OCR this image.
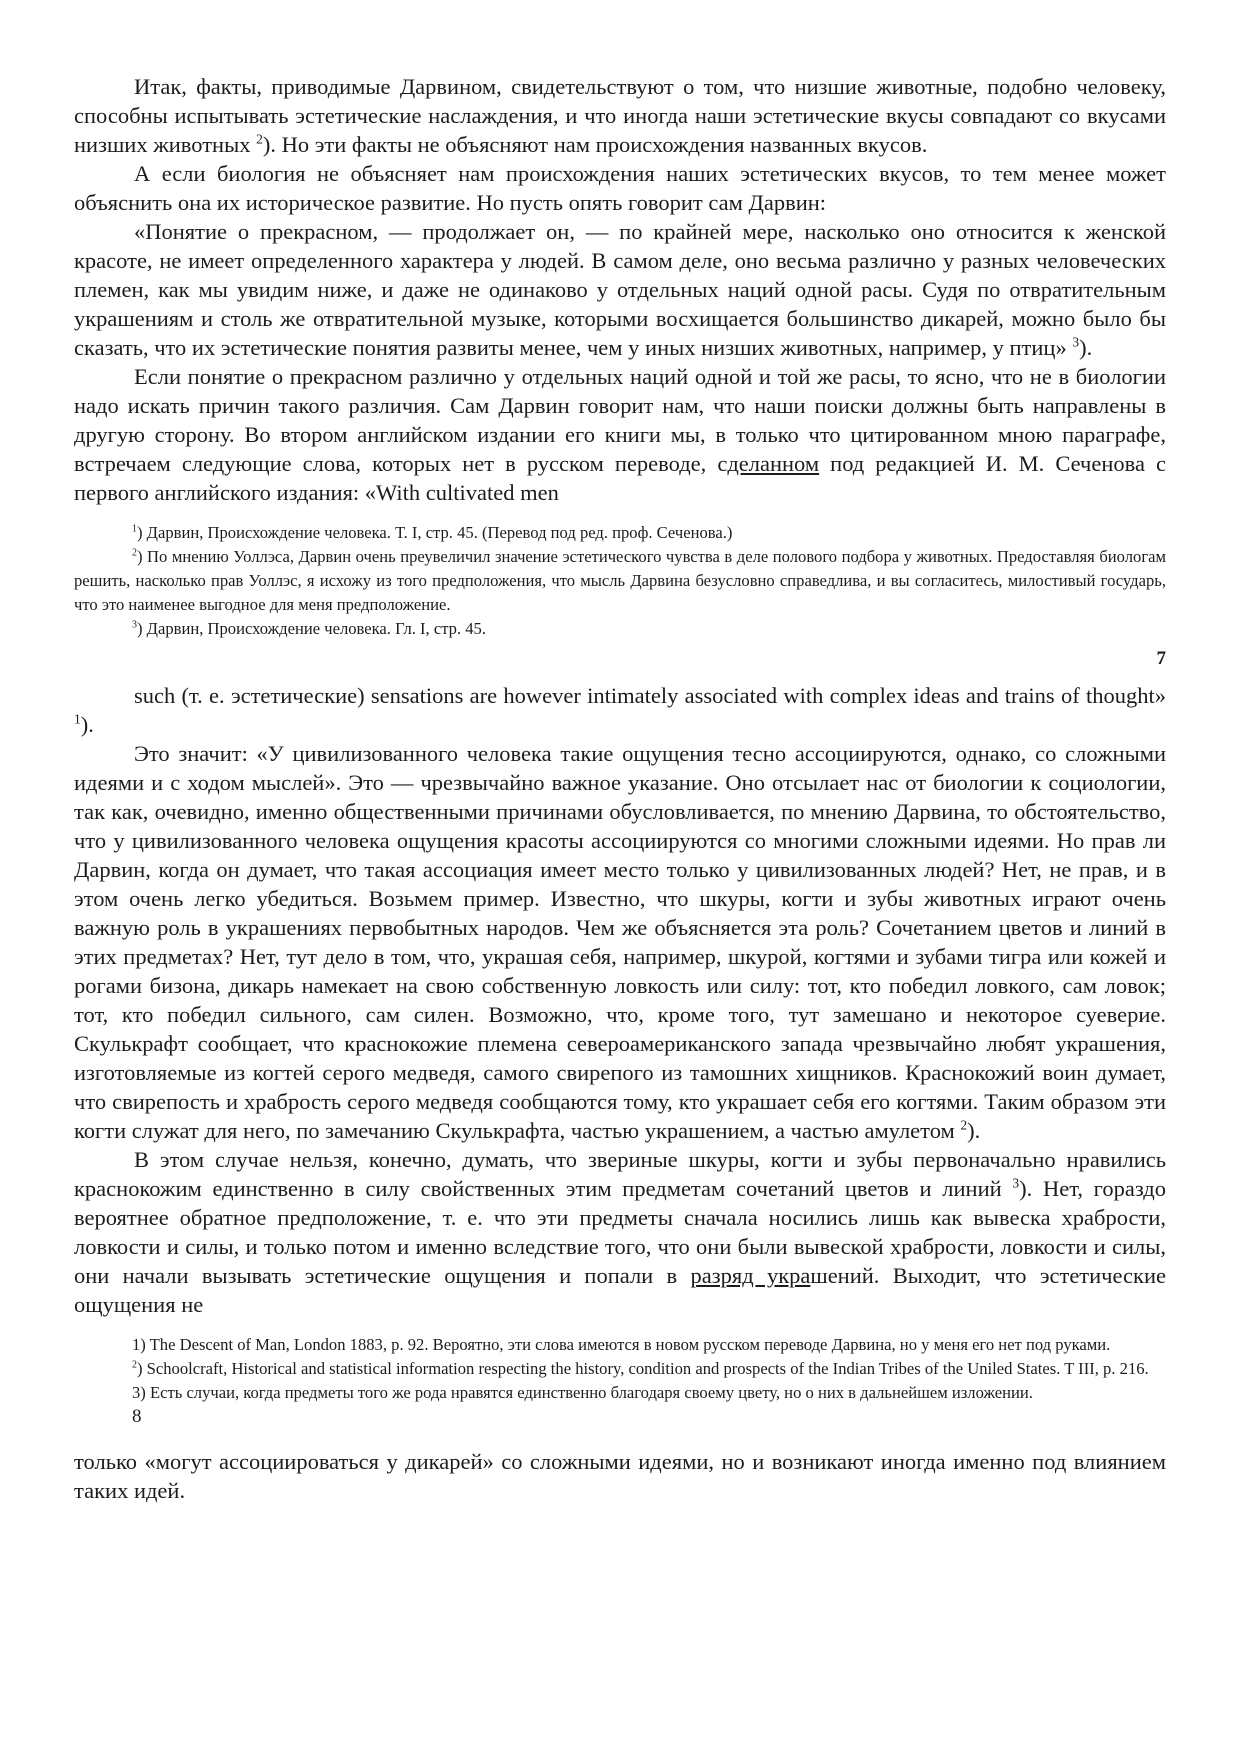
Итак, факты, приводимые Дарвином, свидетельствуют о том, что низшие животные, подобно человеку, способны испытывать эстетические наслаждения, и что иногда наши эстетические вкусы совпадают со вкусами низших животных $^2$). Но эти факты не объясняют нам происхождения названных вкусов.

А если биология не объясняет нам происхождения наших эстетических вкусов, то тем менее может объяснить она их историческое развитие. Но пусть опять говорит сам Дарвин:

«Понятие о прекрасном, — продолжает он, — по крайней мере, насколько оно относится к женской красоте, не имеет определенного характера у людей. В самом деле, оно весьма различно у разных человеческих племен, как мы увидим ниже, и даже не одинаково у отдельных наций одной расы. Судя по отвратительным украшениям и столь же отвратительной музыке, которыми восхищается большинство дикарей, можно было бы сказать, что их эстетические понятия развиты менее, чем у иных низших животных, например, у птиц» $^3$).

Если понятие о прекрасном различно у отдельных наций одной и той же расы, то ясно, что не в биологии надо искать причин такого различия. Сам Дарвин говорит нам, что наши поиски должны быть направлены в другую сторону. Во втором английском издании его книги мы, в только что цитированном мною параграфе, встречаем следующие слова, которых нет в русском переводе, сделанном под редакцией И. М. Сеченова с первого английского издания: «With cultivated men

$^1$) Дарвин, Происхождение человека. Т. I, стр. 45. (Перевод под ред. проф. Сеченова.)

$^2$) По мнению Уоллэса, Дарвин очень преувеличил значение эстетического чувства в деле полового подбора у животных. Предоставляя биологам решить, насколько прав Уоллэс, я исхожу из того предположения, что мысль Дарвина безусловно справедлива, и вы согласитесь, милостивый государь, что это наименее выгодное для меня предположение.

$^3$) Дарвин, Происхождение человека. Гл. I, стр. 45.

7

such (т. е. эстетические) sensations are however intimately associated with complex ideas and trains of thought» $^1$).

Это значит: «У цивилизованного человека такие ощущения тесно ассоциируются, однако, со сложными идеями и с ходом мыслей». Это — чрезвычайно важное указание. Оно отсылает нас от биологии к социологии, так как, очевидно, именно общественными причинами обусловливается, по мнению Дарвина, то обстоятельство, что у цивилизованного человека ощущения красоты ассоциируются со многими сложными идеями. Но прав ли Дарвин, когда он думает, что такая ассоциация имеет место только у цивилизованных людей? Нет, не прав, и в этом очень легко убедиться. Возьмем пример. Известно, что шкуры, когти и зубы животных играют очень важную роль в украшениях первобытных народов. Чем же объясняется эта роль? Сочетанием цветов и линий в этих предметах? Нет, тут дело в том, что, украшая себя, например, шкурой, когтями и зубами тигра или кожей и рогами бизона, дикарь намекает на свою собственную ловкость или силу: тот, кто победил ловкого, сам ловок; тот, кто победил сильного, сам силен. Возможно, что, кроме того, тут замешано и некоторое суеверие. Скулькрафт сообщает, что краснокожие племена североамериканского запада чрезвычайно любят украшения, изготовляемые из когтей серого медведя, самого свирепого из тамошних хищников. Краснокожий воин думает, что свирепость и храбрость серого медведя сообщаются тому, кто украшает себя его когтями. Таким образом эти когти служат для него, по замечанию Скулькрафта, частью украшением, а частью амулетом $^2$).

В этом случае нельзя, конечно, думать, что звериные шкуры, когти и зубы первоначально нравились краснокожим единственно в силу свойственных этим предметам сочетаний цветов и линий $^3$). Нет, гораздо вероятнее обратное предположение, т. е. что эти предметы сначала носились лишь как вывеска храбрости, ловкости и силы, и только потом и именно вследствие того, что они были вывеской храбрости, ловкости и силы, они начали вызывать эстетические ощущения и попали в разряд украшений. Выходит, что эстетические ощущения не

1) The Descent of Man, London 1883, p. 92. Вероятно, эти слова имеются в новом русском переводе Дарвина, но у меня его нет под руками.

$^2$) Schoolcraft, Historical and statistical information respecting the history, condition and prospects of the Indian Tribes of the Uniled States. T III, p. 216.

3) Есть случаи, когда предметы того же рода нравятся единственно благодаря своему цвету, но о них в дальнейшем изложении.

8

только «могут ассоциироваться у дикарей» со сложными идеями, но и возникают иногда именно под влиянием таких идей.
